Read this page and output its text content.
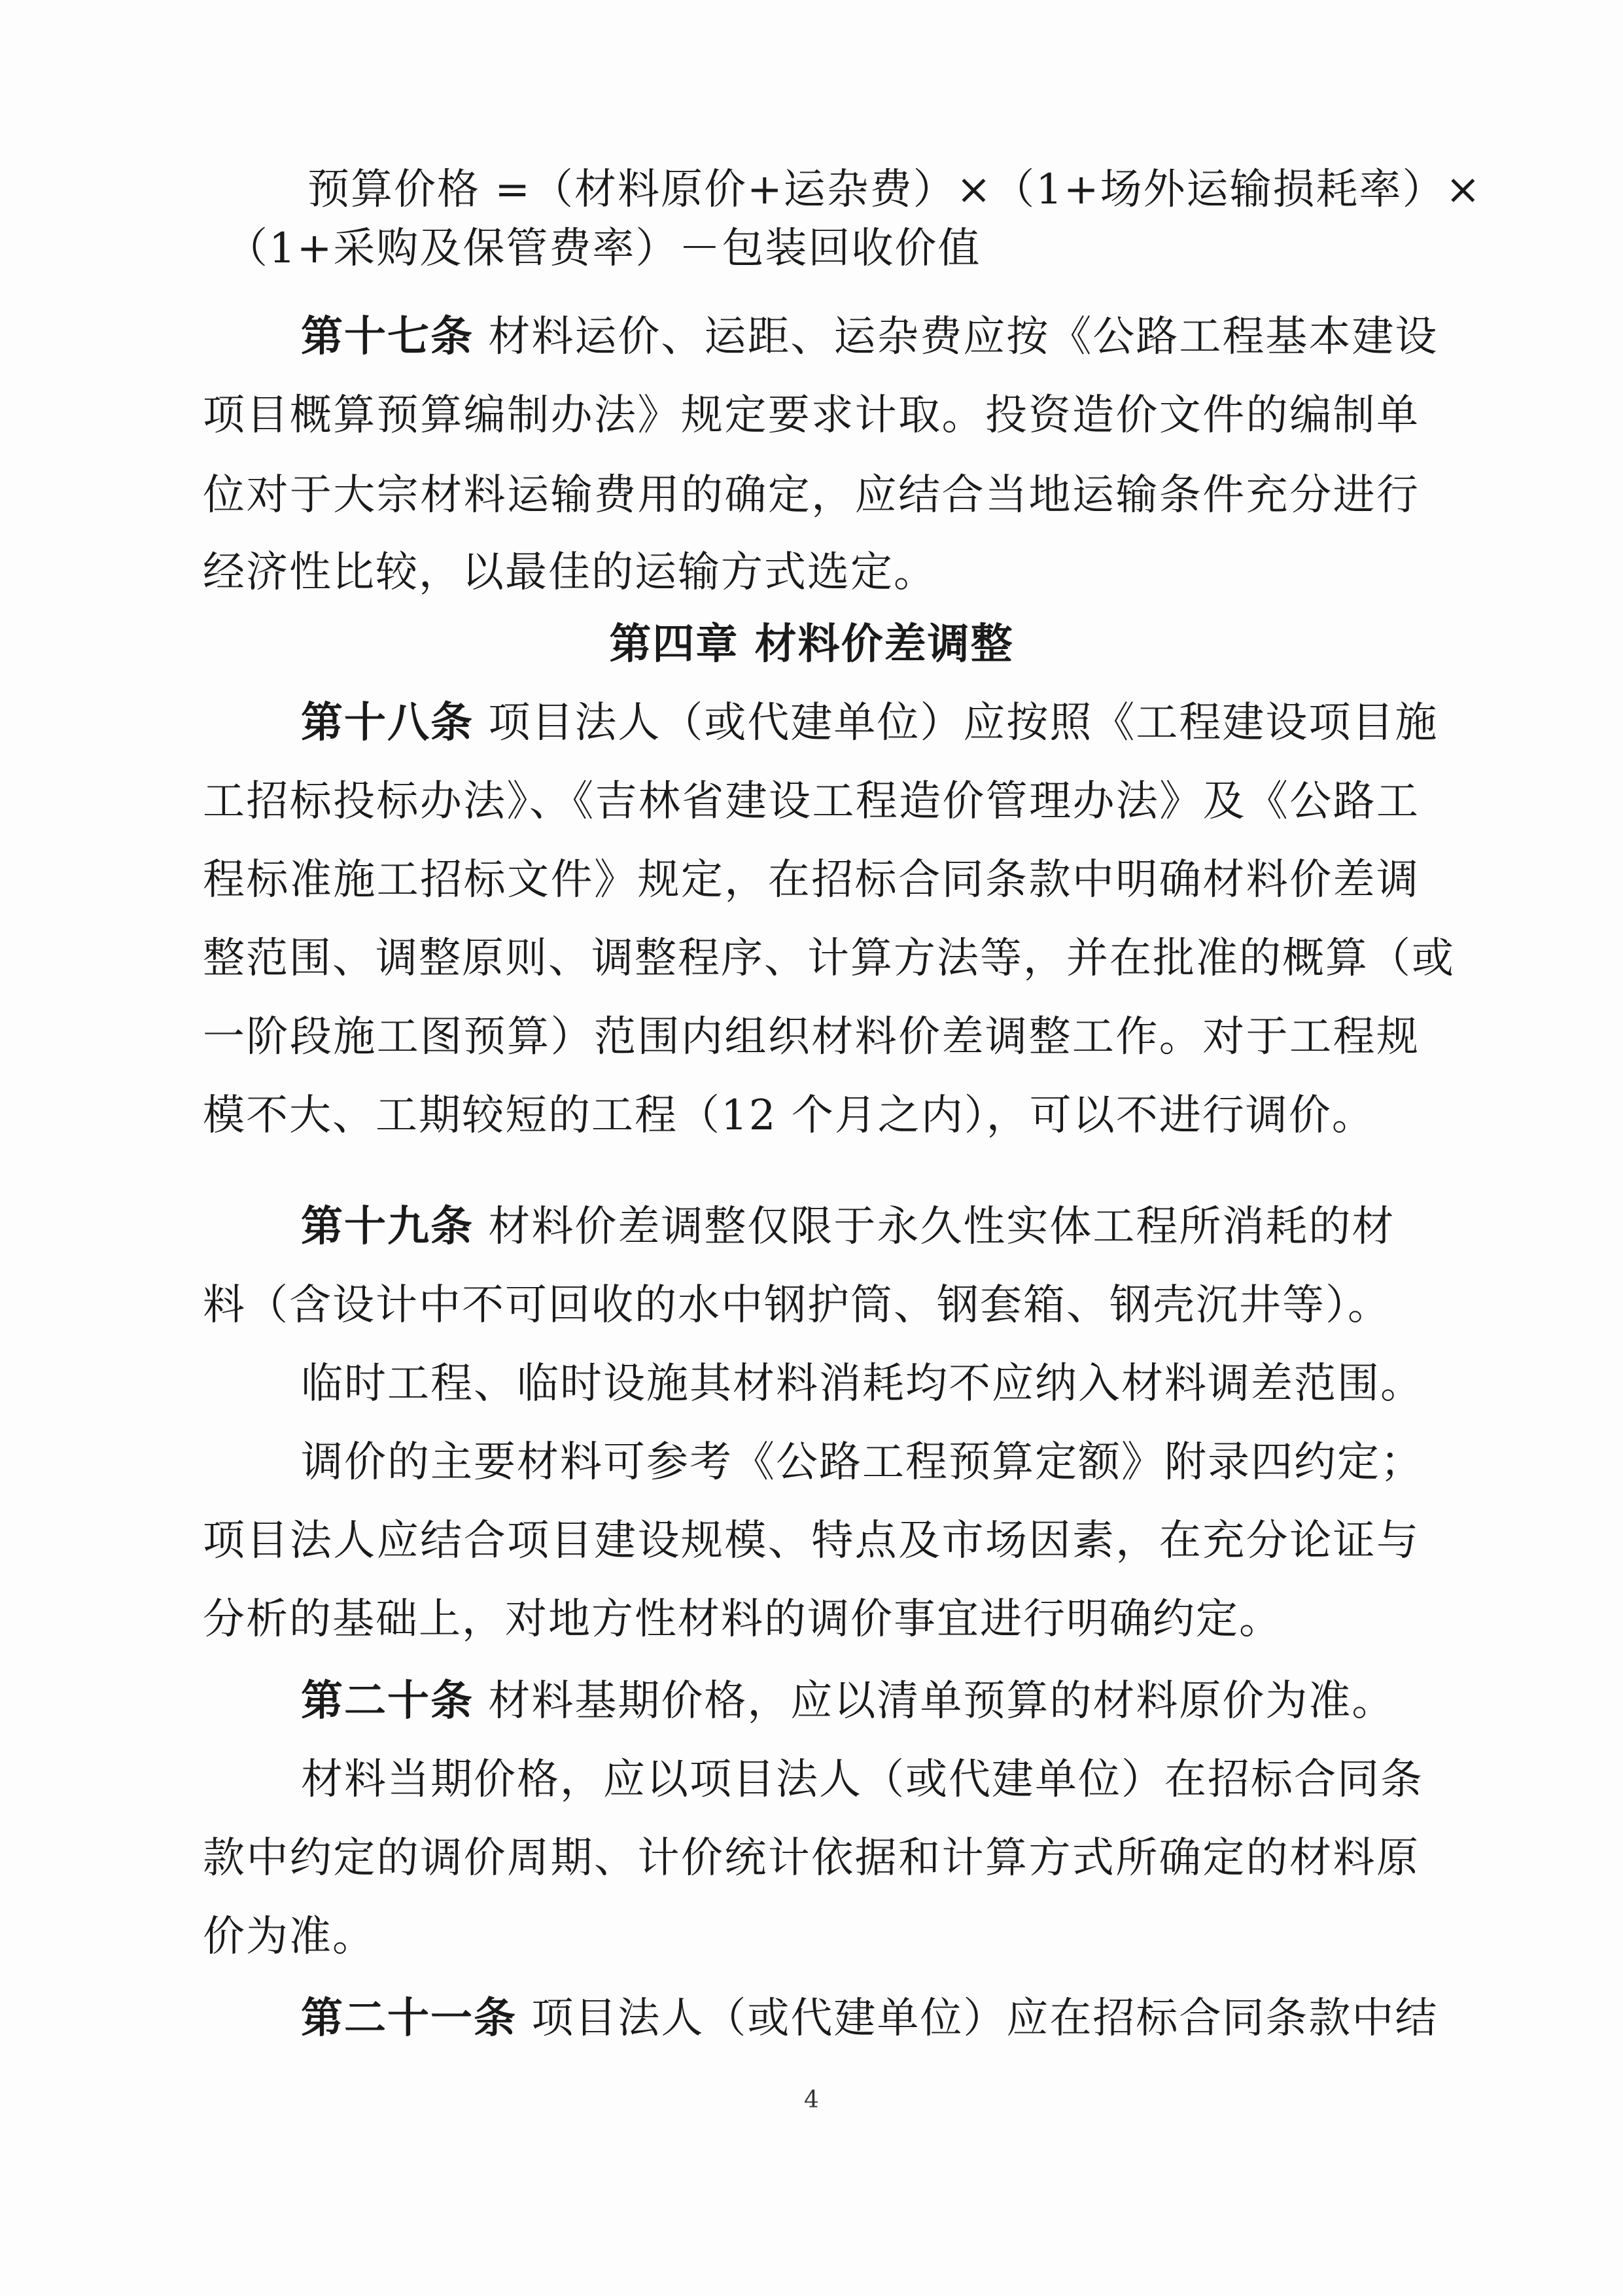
预算价格 =（材料原价+运杂费）×（1+场外运输损耗率）×
（1+采购及保管费率）－包装回收价值
第十七条 材料运价、运距、运杂费应按《公路工程基本建设
项目概算预算编制办法》规定要求计取。投资造价文件的编制单
位对于大宗材料运输费用的确定，应结合当地运输条件充分进行
经济性比较，以最佳的运输方式选定。
第四章 材料价差调整
第十八条 项目法人（或代建单位）应按照《工程建设项目施
工招标投标办法》、《吉林省建设工程造价管理办法》及《公路工
程标准施工招标文件》规定，在招标合同条款中明确材料价差调
整范围、调整原则、调整程序、计算方法等，并在批准的概算（或
一阶段施工图预算）范围内组织材料价差调整工作。对于工程规
模不大、工期较短的工程（12 个月之内），可以不进行调价。
第十九条 材料价差调整仅限于永久性实体工程所消耗的材
料（含设计中不可回收的水中钢护筒、钢套箱、钢壳沉井等）。
临时工程、临时设施其材料消耗均不应纳入材料调差范围。
调价的主要材料可参考《公路工程预算定额》附录四约定；
项目法人应结合项目建设规模、特点及市场因素，在充分论证与
分析的基础上，对地方性材料的调价事宜进行明确约定。
第二十条 材料基期价格，应以清单预算的材料原价为准。
材料当期价格，应以项目法人（或代建单位）在招标合同条
款中约定的调价周期、计价统计依据和计算方式所确定的材料原
价为准。
第二十一条 项目法人（或代建单位）应在招标合同条款中结
4
